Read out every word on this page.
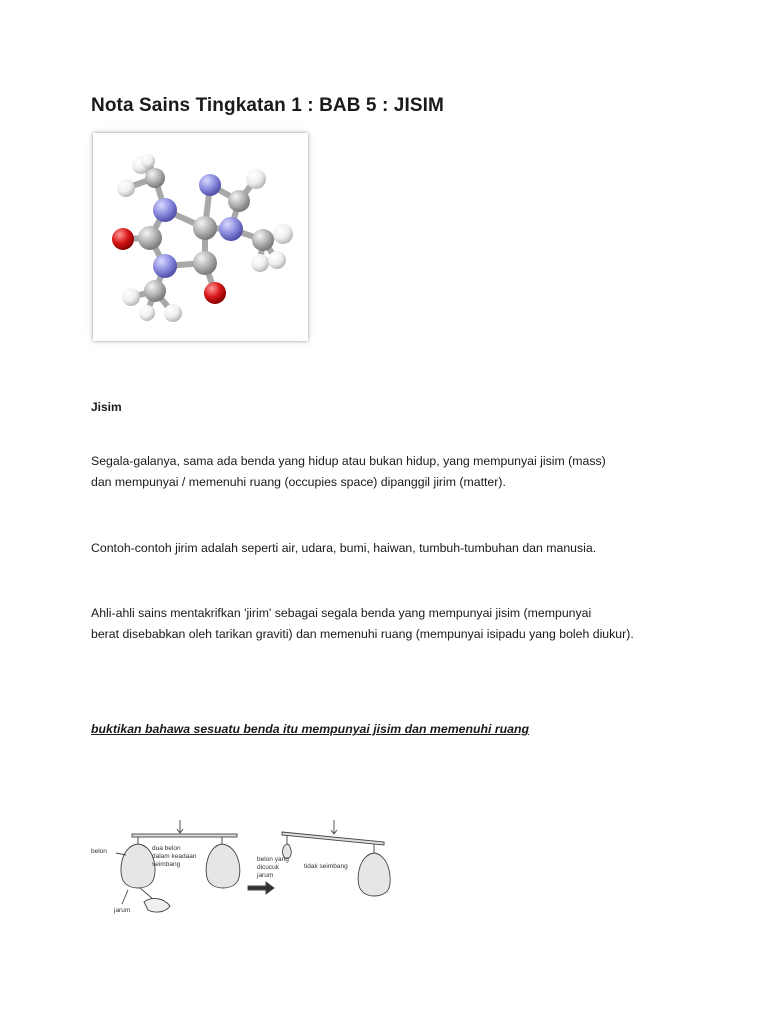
Nota Sains Tingkatan 1 : BAB 5 : JISIM
Jisim

Segala-galanya, sama ada benda yang hidup atau bukan hidup, yang mempunyai jisim (mass)
dan mempunyai / memenuhi ruang (occupies space) dipanggil jirim (matter).

Contoh-contoh jirim adalah seperti air, udara, bumi, haiwan, tumbuh-tumbuhan dan manusia.

Ahli-ahli sains mentakrifkan 'jirim' sebagai segala benda yang mempunyai jisim (mempunyai
berat disebabkan oleh tarikan graviti) dan memenuhi ruang (mempunyai isipadu yang boleh diukur).

buktikan bahawa sesuatu benda itu mempunyai jisim dan memenuhi ruang

belon	dua belon
dalam keadaan
seimbang
jarum
belon yang
dicucuk
jarum
tidak seimbang
